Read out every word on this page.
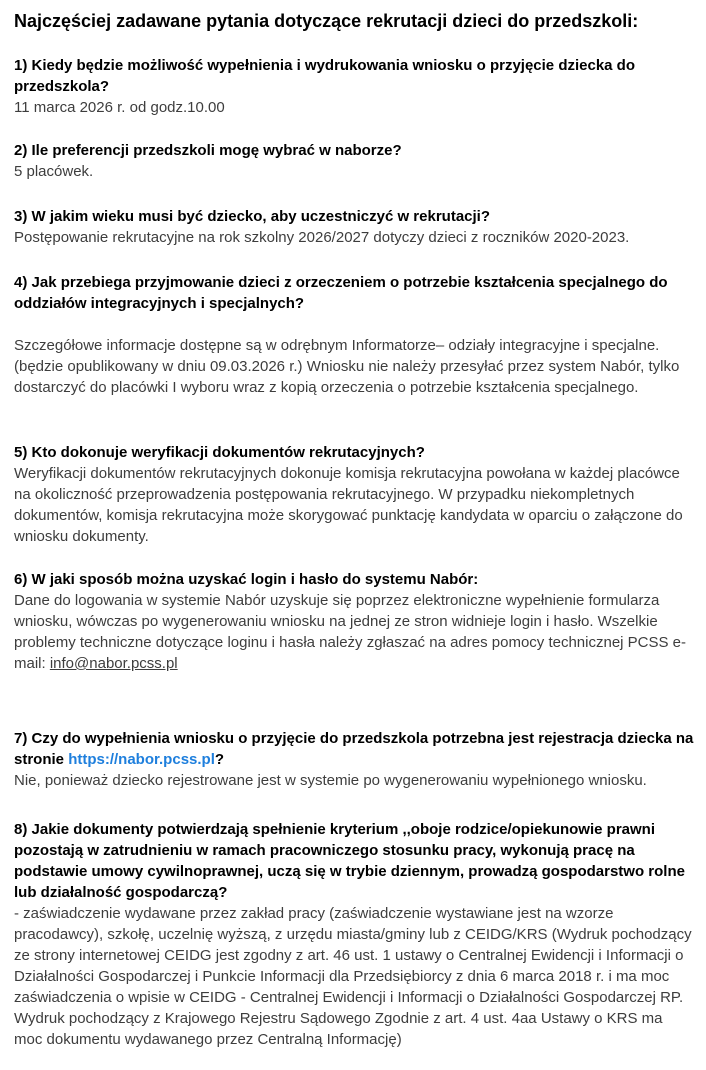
Najczęściej zadawane pytania dotyczące rekrutacji dzieci do przedszkoli:

1) Kiedy będzie możliwość wypełnienia i wydrukowania wniosku o przyjęcie dziecka do przedszkola?

11 marca 2026 r. od godz.10.00

2) Ile preferencji przedszkoli mogę wybrać w naborze?

5 placówek.

3) W jakim wieku musi być dziecko, aby uczestniczyć w rekrutacji?

Postępowanie rekrutacyjne na rok szkolny 2026/2027 dotyczy dzieci z roczników 2020-2023.

4) Jak przebiega przyjmowanie dzieci z orzeczeniem o potrzebie kształcenia specjalnego do oddziałów integracyjnych i specjalnych?

Szczegółowe informacje dostępne są w odrębnym Informatorze– odziały integracyjne i specjalne.(będzie opublikowany w dniu 09.03.2026 r.) Wniosku nie należy przesyłać przez system Nabór, tylko dostarczyć do placówki I wyboru wraz z kopią orzeczenia o potrzebie kształcenia specjalnego.

5) Kto dokonuje weryfikacji dokumentów rekrutacyjnych?

Weryfikacji dokumentów rekrutacyjnych dokonuje komisja rekrutacyjna powołana w każdej placówce na okoliczność przeprowadzenia postępowania rekrutacyjnego. W przypadku niekompletnych dokumentów, komisja rekrutacyjna może skorygować punktację kandydata w oparciu o załączone do wniosku dokumenty.

6) W jaki sposób można uzyskać login i hasło do systemu Nabór:

Dane do logowania w systemie Nabór uzyskuje się poprzez elektroniczne wypełnienie formularza wniosku, wówczas po wygenerowaniu wniosku na jednej ze stron widnieje login i hasło. Wszelkie problemy techniczne dotyczące loginu i hasła należy zgłaszać na adres pomocy technicznej PCSS e-mail: info@nabor.pcss.pl

7) Czy do wypełnienia wniosku o przyjęcie do przedszkola potrzebna jest rejestracja dziecka na stronie https://nabor.pcss.pl?

Nie, ponieważ dziecko rejestrowane jest w systemie po wygenerowaniu wypełnionego wniosku.

8) Jakie dokumenty potwierdzają spełnienie kryterium ,,oboje rodzice/opiekunowie prawni pozostają w zatrudnieniu w ramach pracowniczego stosunku pracy, wykonują pracę na podstawie umowy cywilnoprawnej, uczą się w trybie dziennym, prowadzą gospodarstwo rolne lub działalność gospodarczą?

- zaświadczenie wydawane przez zakład pracy (zaświadczenie wystawiane jest na wzorze pracodawcy), szkołę, uczelnię wyższą, z urzędu miasta/gminy lub z CEIDG/KRS (Wydruk pochodzący ze strony internetowej CEIDG jest zgodny z art. 46 ust. 1 ustawy o Centralnej Ewidencji i Informacji o Działalności Gospodarczej i Punkcie Informacji dla Przedsiębiorcy z dnia 6 marca 2018 r. i ma moc zaświadczenia o wpisie w CEIDG - Centralnej Ewidencji i Informacji o Działalności Gospodarczej RP. Wydruk pochodzący z Krajowego Rejestru Sądowego Zgodnie z art. 4 ust. 4aa Ustawy o KRS ma moc dokumentu wydawanego przez Centralną Informację)
